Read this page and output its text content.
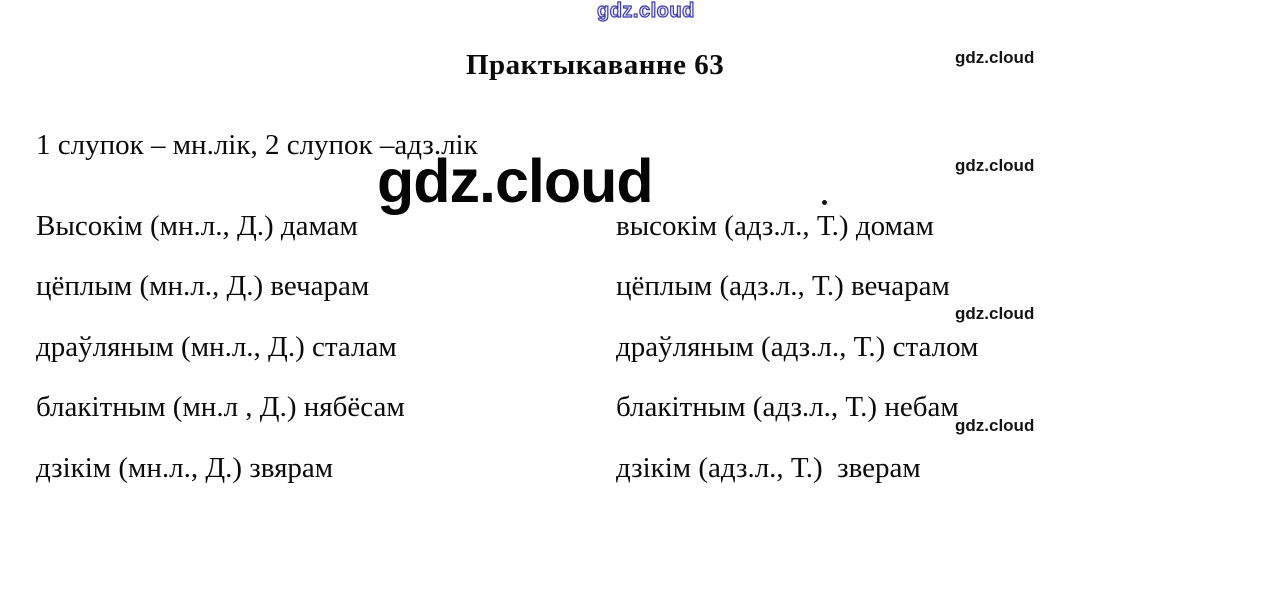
gdz.cloud
Практыкаванне 63	gdz.cloud
1 слупок – мн.лік, 2 слупок –адз.лік
gdz.cloud	gdz.cloud
Высокім (мн.л., Д.) дамам
цёплым (мн.л., Д.) вечарам
драўляным (мн.л., Д.) сталам
блакітным (мн.л , Д.) нябёсам
дзікім (мн.л., Д.) звярам
высокім (адз.л., Т.) домам
цёплым (адз.л., Т.) вечарам
драўляным (адз.л., Т.) сталом
блакітным (адз.л., Т.) небам
дзікім (адз.л., Т.)  зверам
gdz.cloud
gdz.cloud
